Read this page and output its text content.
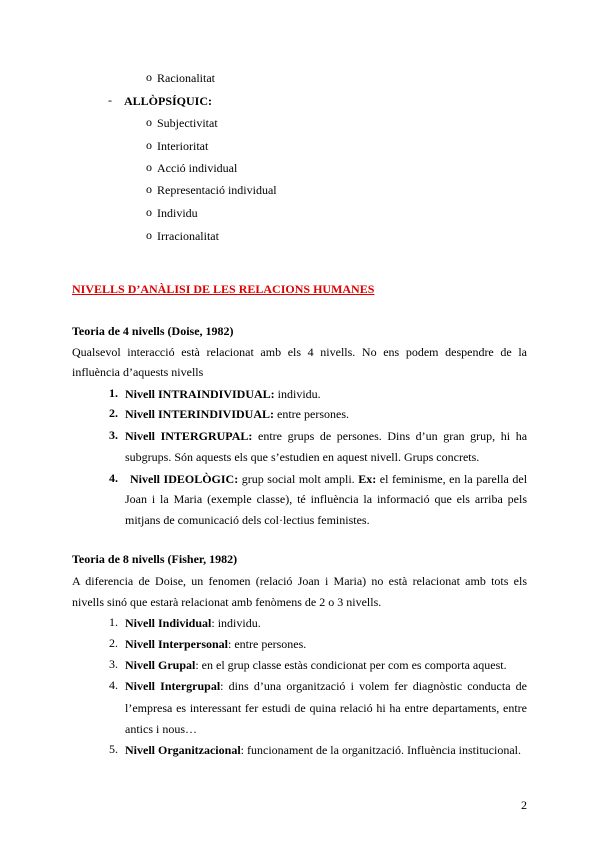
o Racionalitat
- ALLÒPSÍQUIC:
o Subjectivitat
o Interioritat
o Acció individual
o Representació individual
o Individu
o Irracionalitat
NIVELLS D’ANÀLISI DE LES RELACIONS HUMANES
Teoria de 4 nivells (Doise, 1982)
Qualsevol interacció està relacionat amb els 4 nivells. No ens podem despendre de la
influència d’aquests nivells
1. Nivell INTRAINDIVIDUAL: individu.
2. Nivell INTERINDIVIDUAL: entre persones.
3. Nivell INTERGRUPAL: entre grups de persones. Dins d’un gran grup, hi ha
subgrups. Són aquests els que s’estudien en aquest nivell. Grups concrets.
4. Nivell IDEOLÒGIC: grup social molt ampli. Ex: el feminisme, en la parella del
Joan i la Maria (exemple classe), té influència la informació que els arriba pels
mitjans de comunicació dels col·lectius feministes.
Teoria de 8 nivells (Fisher, 1982)
A diferencia de Doise, un fenomen (relació Joan i Maria) no està relacionat amb tots els
nivells sinó que estarà relacionat amb fenòmens de 2 o 3 nivells.
1. Nivell Individual: individu.
2. Nivell Interpersonal: entre persones.
3. Nivell Grupal: en el grup classe estàs condicionat per com es comporta aquest.
4. Nivell Intergrupal: dins d’una organització i volem fer diagnòstic conducta de
l’empresa es interessant fer estudi de quina relació hi ha entre departaments, entre
antics i nous…
5. Nivell Organitzacional: funcionament de la organització. Influència institucional.
2
